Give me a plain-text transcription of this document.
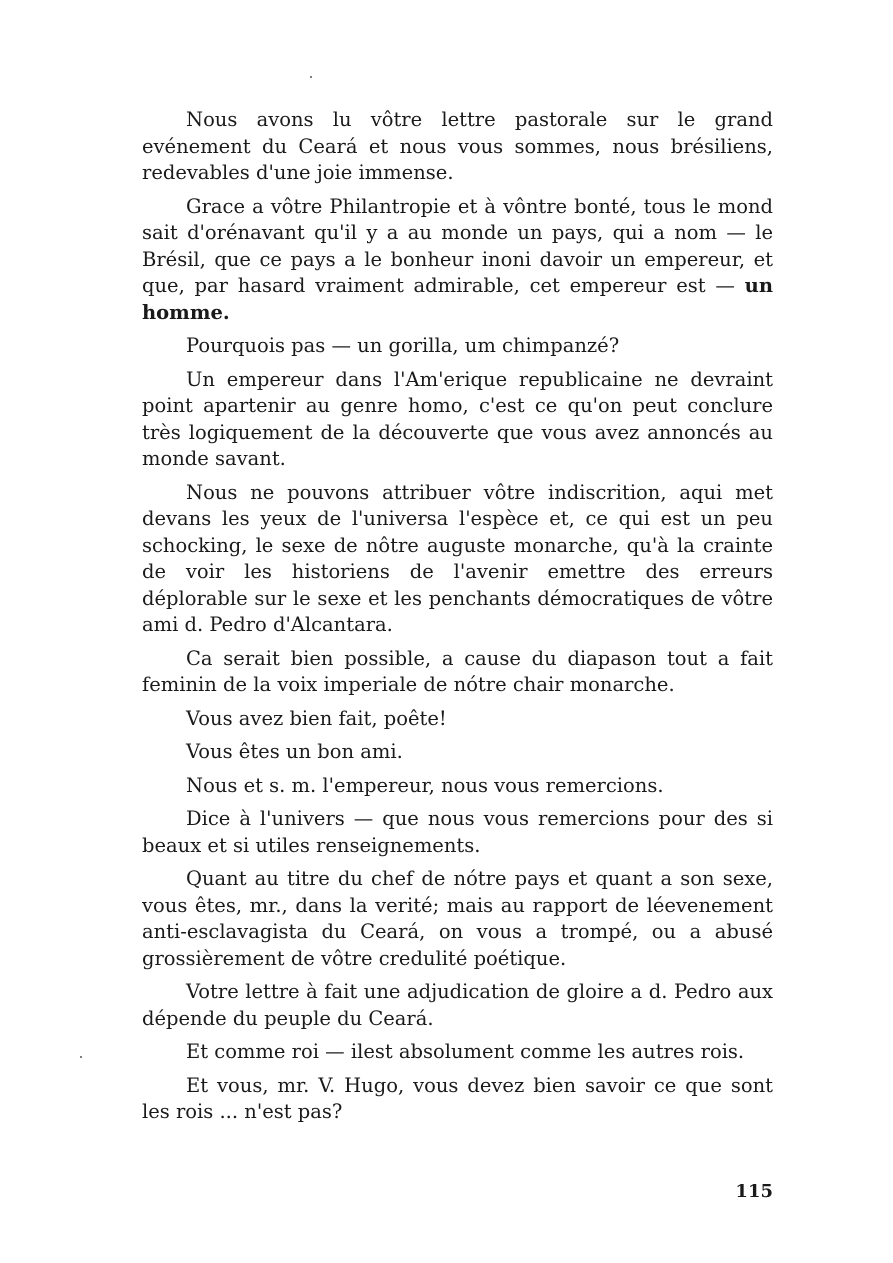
Nous avons lu vôtre lettre pastorale sur le grand evénement du Ceará et nous vous sommes, nous brésiliens, redevables d'une joie immense.

Grace a vôtre Philantropie et à vôntre bonté, tous le mond sait d'orénavant qu'il y a au monde un pays, qui a nom — le Brésil, que ce pays a le bonheur inoni davoir un empereur, et que, par hasard vraiment admirable, cet empereur est — un homme.

Pourquois pas — un gorilla, um chimpanzé?

Un empereur dans l'Am'erique republicaine ne devraint point apartenir au genre homo, c'est ce qu'on peut conclure très logiquement de la découverte que vous avez annoncés au monde savant.

Nous ne pouvons attribuer vôtre indiscrition, aqui met devans les yeux de l'universa l'espèce et, ce qui est un peu schocking, le sexe de nôtre auguste monarche, qu'à la crainte de voir les historiens de l'avenir emettre des erreurs déplorable sur le sexe et les penchants démocratiques de vôtre ami d. Pedro d'Alcantara.

Ca serait bien possible, a cause du diapason tout a fait feminin de la voix imperiale de nótre chair monarche.

Vous avez bien fait, poête!

Vous êtes un bon ami.

Nous et s. m. l'empereur, nous vous remercions.

Dice à l'univers — que nous vous remercions pour des si beaux et si utiles renseignements.

Quant au titre du chef de nótre pays et quant a son sexe, vous êtes, mr., dans la verité; mais au rapport de léevenement anti-esclavagista du Ceará, on vous a trompé, ou a abusé grossièrement de vôtre credulité poétique.

Votre lettre à fait une adjudication de gloire a d. Pedro aux dépende du peuple du Ceará.

Et comme roi — ilest absolument comme les autres rois.

Et vous, mr. V. Hugo, vous devez bien savoir ce que sont les rois ... n'est pas?

115
